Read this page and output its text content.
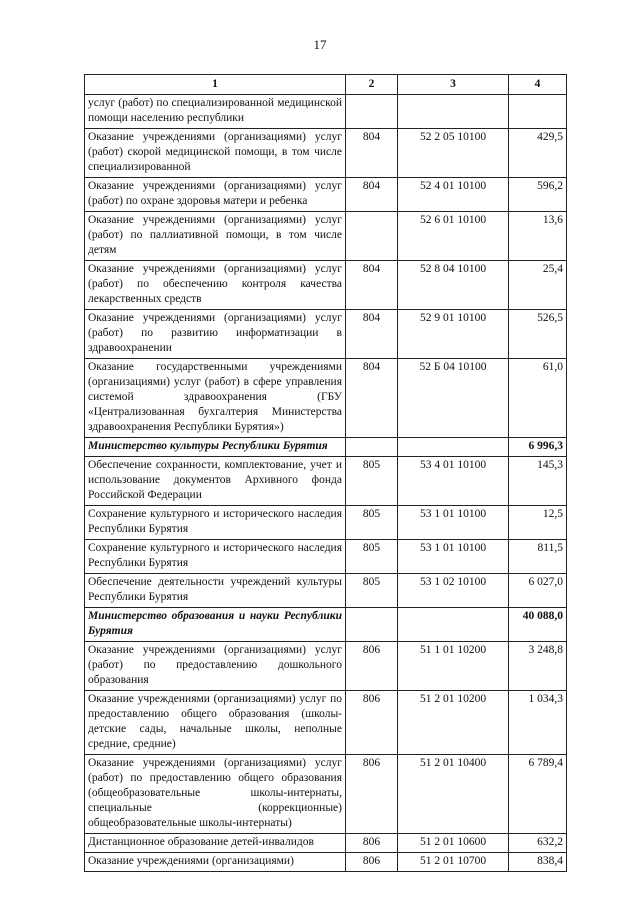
17
1	2	3	4
услуг (работ) по специализированной медицинской помощи населению республики			
Оказание учреждениями (организациями) услуг (работ) скорой медицинской помощи, в том числе специализированной	804	52 2 05 10100	429,5
Оказание учреждениями (организациями) услуг (работ) по охране здоровья матери и ребенка	804	52 4 01 10100	596,2
Оказание учреждениями (организациями) услуг (работ) по паллиативной помощи, в том числе детям		52 6 01 10100	13,6
Оказание учреждениями (организациями) услуг (работ) по обеспечению контроля качества лекарственных средств	804	52 8 04 10100	25,4
Оказание учреждениями (организациями) услуг (работ) по развитию информатизации в здравоохранении	804	52 9 01 10100	526,5
Оказание государственными учреждениями (организациями) услуг (работ) в сфере управления системой здравоохранения (ГБУ «Централизованная бухгалтерия Министерства здравоохранения Республики Бурятия»)	804	52 Б 04 10100	61,0
Министерство культуры Республики Бурятия			6 996,3
Обеспечение сохранности, комплектование, учет и использование документов Архивного фонда Российской Федерации	805	53 4 01 10100	145,3
Сохранение культурного и исторического наследия Республики Бурятия	805	53 1 01 10100	12,5
Сохранение культурного и исторического наследия Республики Бурятия	805	53 1 01 10100	811,5
Обеспечение деятельности учреждений культуры Республики Бурятия	805	53 1 02 10100	6 027,0
Министерство образования и науки Республики Бурятия			40 088,0
Оказание учреждениями (организациями) услуг (работ) по предоставлению дошкольного образования	806	51 1 01 10200	3 248,8
Оказание учреждениями (организациями) услуг по предоставлению общего образования (школы-детские сады, начальные школы, неполные средние, средние)	806	51 2 01 10200	1 034,3
Оказание учреждениями (организациями) услуг (работ) по предоставлению общего образования (общеобразовательные школы-интернаты, специальные (коррекционные) общеобразовательные школы-интернаты)	806	51 2 01 10400	6 789,4
Дистанционное образование детей-инвалидов	806	51 2 01 10600	632,2
Оказание учреждениями (организациями)	806	51 2 01 10700	838,4
